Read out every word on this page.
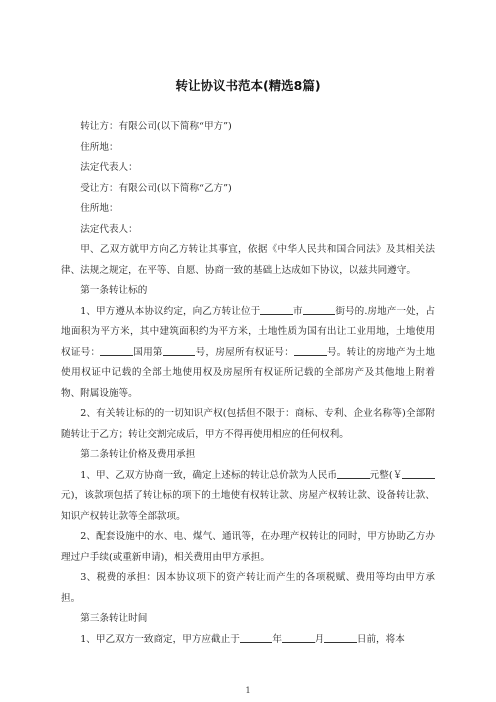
转让协议书范本(精选8篇)

转让方：有限公司(以下简称“甲方”)

住所地：

法定代表人：

受让方：有限公司(以下简称“乙方”)

住所地：

法定代表人：

甲、乙双方就甲方向乙方转让其事宜，依据《中华人民共和国合同法》及其相关法律、法规之规定，在平等、自愿、协商一致的基础上达成如下协议，以兹共同遵守。

第一条转让标的

1、甲方遵从本协议约定，向乙方转让位于	市	街号的.房地产一处，占地面积为平方米，其中建筑面积约为平方米，土地性质为国有出让工业用地，土地使用权证号：	国用第	号，房屋所有权证号：	号。转让的房地产为土地使用权证中记载的全部土地使用权及房屋所有权证所记载的全部房产及其他地上附着物、附属设施等。

2、有关转让标的的一切知识产权(包括但不限于：商标、专利、企业名称等)全部附随转让于乙方；转让交割完成后，甲方不得再使用相应的任何权利。

第二条转让价格及费用承担

1、甲、乙双方协商一致，确定上述标的转让总价款为人民币	元整(￥元)，该款项包括了转让标的项下的土地使有权转让款、房屋产权转让款、设备转让款、知识产权转让款等全部款项。

2、配套设施中的水、电、煤气、通讯等，在办理产权转让的同时，甲方协助乙方办理过户手续(或重新申请)，相关费用由甲方承担。

3、税费的承担：因本协议项下的资产转让而产生的各项税赋、费用等均由甲方承担。

第三条转让时间

1、甲乙双方一致商定，甲方应截止于	年	月	日前，将本

1
